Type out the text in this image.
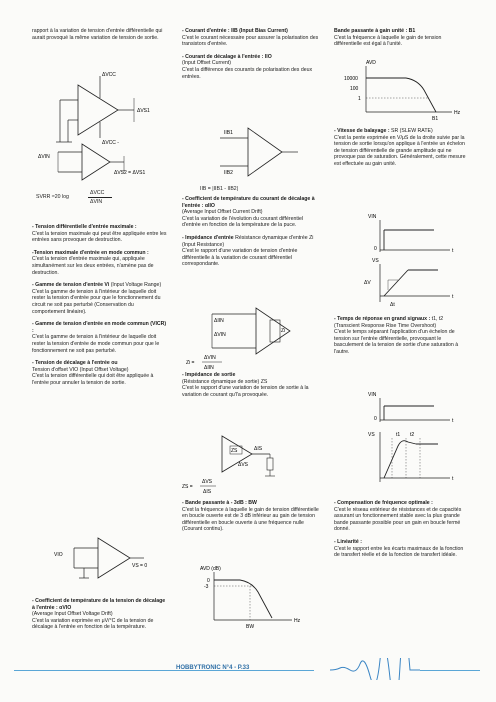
rapport à la variation de tension d'entrée différentielle qui aurait provoqué la même variation de tension de sortie.
ΔVCC
ΔVCC -
ΔVS1
ΔVIN
ΔVS2 = ΔVS1
SVRR ≈20 log
ΔVCC
ΔVIN
- Tension différentielle d'entrée maximale :
C'est la tension maximale qui peut être appliquée entre les entrées sans provoquer de destruction.
-Tension maximale d'entrée en mode commun :
C'est la tension d'entrée maximale qui, appliquée simultanément sur les deux entrées, n'amène pas de destruction.
- Gamme de tension d'entrée Vi (Input Voltage Range)
C'est la gamme de tension à l'intérieur de laquelle doit rester la tension d'entrée pour que le fonctionnement du circuit ne soit pas perturbé (Conservation du comportement linéaire).
- Gamme de tension d'entrée en mode commun (VICR) :
C'est la gamme de tension à l'intérieur de laquelle doit rester la tension d'entrée de mode commun pour que le fonctionnement ne soit pas perturbé.
- Tension de décalage à l'entrée ou
Tension d'offset VIO (Input Offset Voltage)
C'est la tension différentielle qui doit être appliquée à l'entrée pour annuler la tension de sortie.
VIO
VS = 0
- Coefficient de température de la tension de décalage à l'entrée : αVIO
(Average Input Offset Voltage Drift)
C'est la variation exprimée en μV/°C de la tension de décalage à l'entrée en fonction de la température.
- Courant d'entrée : IIB (Input Bias Current)
C'est le courant nécessaire pour assurer la polarisation des transistors d'entrée.
- Courant de décalage à l'entrée : IIO
(Input Offset Current)
C'est la différence des courants de polarisation des deux entrées.
IIB1
IIB2
IIB = |IIB1 - IIB2|
- Coefficient de température du courant de décalage à l'entrée : αIIO
(Average Input Offset Current Drift)
C'est la variation de l'évolution du courant différentiel d'entrée en fonction de la température de la puce.
- Impédance d'entrée Résistance dynamique d'entrée Zi (Input Resistance)
C'est le rapport d'une variation de tension d'entrée différentielle à la variation de courant différentiel correspondante.
ΔIIN
ΔVIN
Zi
Zi =
ΔVIN
ΔIIN
- Impédance de sortie
(Résistance dynamique de sortie) ZS
C'est le rapport d'une variation de tension de sortie à la variation de courant qu'l'a provoquée.
ZS	ΔIS
ΔVS
ZS =
ΔVS
ΔIS
- Bande passante à - 3dB : BW
C'est la fréquence à laquelle le gain de tension différentielle en boucle ouverte est de 3 dB inférieur au gain de tension différentielle en boucle ouverte à une fréquence nulle (Courant continu).
AVD (dB)
0
-3
BW
Hz
Bande passante à gain unité : B1
C'est la fréquence à laquelle le gain de tension différentielle est égal à l'unité.
AVD
10000
100
1
B1
Hz
- Vitesse de balayage : SR (SLEW RATE)
C'est la pente exprimée en V/μS de la droite suivie par la tension de sortie lorsqu'on applique à l'entrée un échelon de tension différentielle de grande amplitude qui ne provoque pas de saturation. Généralement, cette mesure est effectuée au gain unité.
VIN
0	t
VS
ΔV
Δt
t
- Temps de réponse en grand signaux : t1, t2 (Transcient Response Rise Time Overshoot)
C'est le temps séparant l'application d'un échelon de tension sur l'entrée différentielle, provoquant le basculement de la tension de sortie d'une saturation à l'autre.
VIN
0	t
VS	t1 t2
t
- Compensation de fréquence optimale :
C'est le réseau extérieur de résistances et de capacités assurant un fonctionnement stable avec la plus grande bande passante possible pour un gain en boucle fermé donné.
- Linéarité :
C'est le rapport entre les écarts maximaux de la fonction de transfert réelle et de la fonction de transfert idéale.
HOBBYTRONIC N°4 - P.33
